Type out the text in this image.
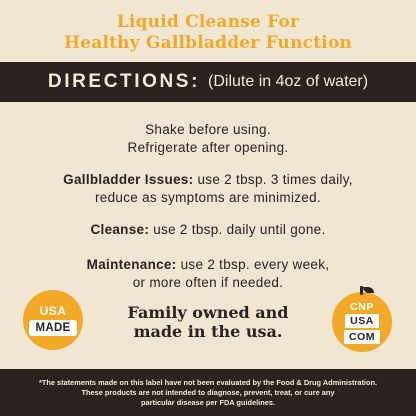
Liquid Cleanse For
Healthy Gallbladder Function
DIRECTIONS: (Dilute in 4oz of water)
Shake before using.
Refrigerate after opening.
Gallbladder Issues: use 2 tbsp. 3 times daily,
reduce as symptoms are minimized.
Cleanse: use 2 tbsp. daily until gone.
Maintenance: use 2 tbsp. every week,
or more often if needed.
USA
MADE
Family owned and
made in the usa.
CNP
USA
COM
*The statements made on this label have not been evaluated by the Food & Drug Administration.
These products are not intended to diagnose, prevent, treat, or cure any
particular disease per FDA guidelines.
